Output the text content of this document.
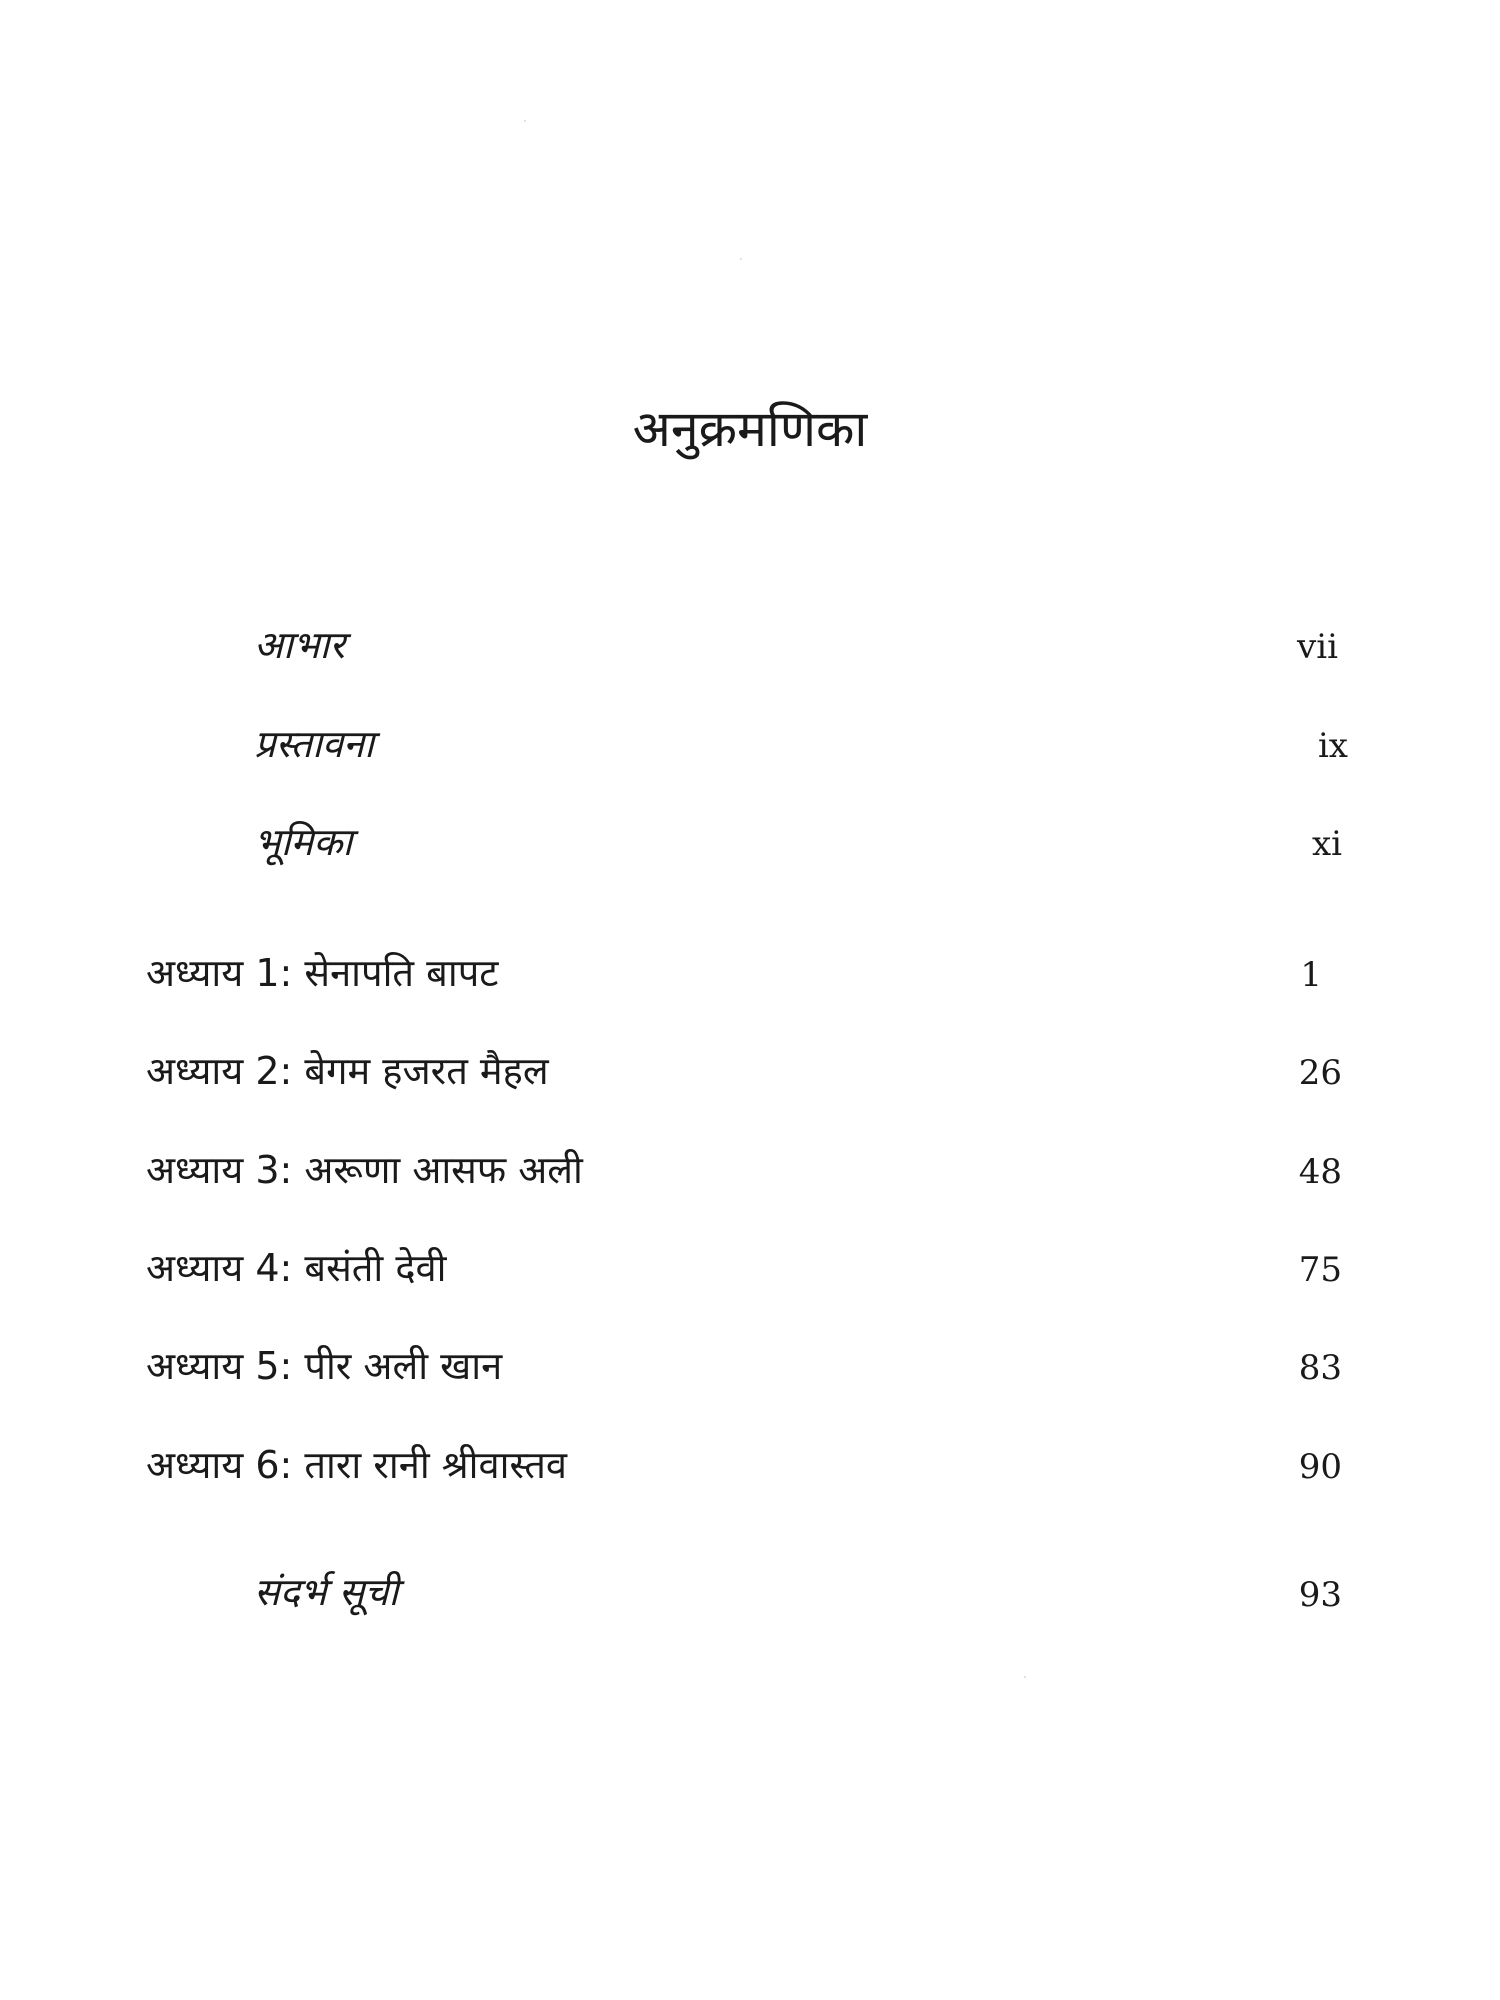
अनुक्रमणिका
आभार	vii
प्रस्तावना	ix
भूमिका	xi
अध्याय 1: सेनापति बापट	1
अध्याय 2: बेगम हजरत मैहल	26
अध्याय 3: अरूणा आसफ अली	48
अध्याय 4: बसंती देवी	75
अध्याय 5: पीर अली खान	83
अध्याय 6: तारा रानी श्रीवास्तव	90
संदर्भ सूची	93
